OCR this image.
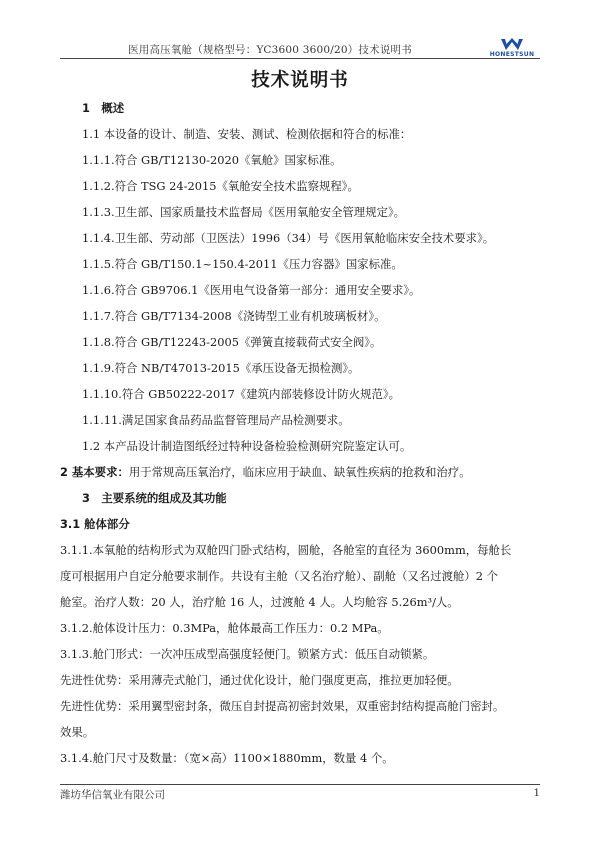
医用高压氧舱（规格型号：YC3600 3600/20）技术说明书	HONESTSUN
技术说明书
1　概述
1.1 本设备的设计、制造、安装、测试、检测依据和符合的标准：
1.1.1.符合 GB/T12130-2020《氧舱》国家标准。
1.1.2.符合 TSG 24-2015《氧舱安全技术监察规程》。
1.1.3.卫生部、国家质量技术监督局《医用氧舱安全管理规定》。
1.1.4.卫生部、劳动部（卫医法）1996（34）号《医用氧舱临床安全技术要求》。
1.1.5.符合 GB/T150.1~150.4-2011《压力容器》国家标准。
1.1.6.符合 GB9706.1《医用电气设备第一部分：通用安全要求》。
1.1.7.符合 GB/T7134-2008《浇铸型工业有机玻璃板材》。
1.1.8.符合 GB/T12243-2005《弹簧直接载荷式安全阀》。
1.1.9.符合 NB/T47013-2015《承压设备无损检测》。
1.1.10.符合 GB50222-2017《建筑内部装修设计防火规范》。
1.1.11.满足国家食品药品监督管理局产品检测要求。
1.2 本产品设计制造图纸经过特种设备检验检测研究院鉴定认可。
2 基本要求：用于常规高压氧治疗，临床应用于缺血、缺氧性疾病的抢救和治疗。
3　主要系统的组成及其功能
3.1 舱体部分
3.1.1.本氧舱的结构形式为双舱四门卧式结构，圆舱，各舱室的直径为 3600mm，每舱长
度可根据用户自定分舱要求制作。共设有主舱（又名治疗舱）、副舱（又名过渡舱）2 个
舱室。治疗人数：20 人，治疗舱 16 人，过渡舱 4 人。人均舱容 5.26m³/人。
3.1.2.舱体设计压力：0.3MPa，舱体最高工作压力：0.2 MPa。
3.1.3.舱门形式：一次冲压成型高强度轻便门。锁紧方式：低压自动锁紧。
先进性优势：采用薄壳式舱门，通过优化设计，舱门强度更高，推拉更加轻便。
先进性优势：采用翼型密封条，微压自封提高初密封效果，双重密封结构提高舱门密封。
效果。
3.1.4.舱门尺寸及数量：（宽×高）1100×1880mm，数量 4 个。
潍坊华信氧业有限公司	1
